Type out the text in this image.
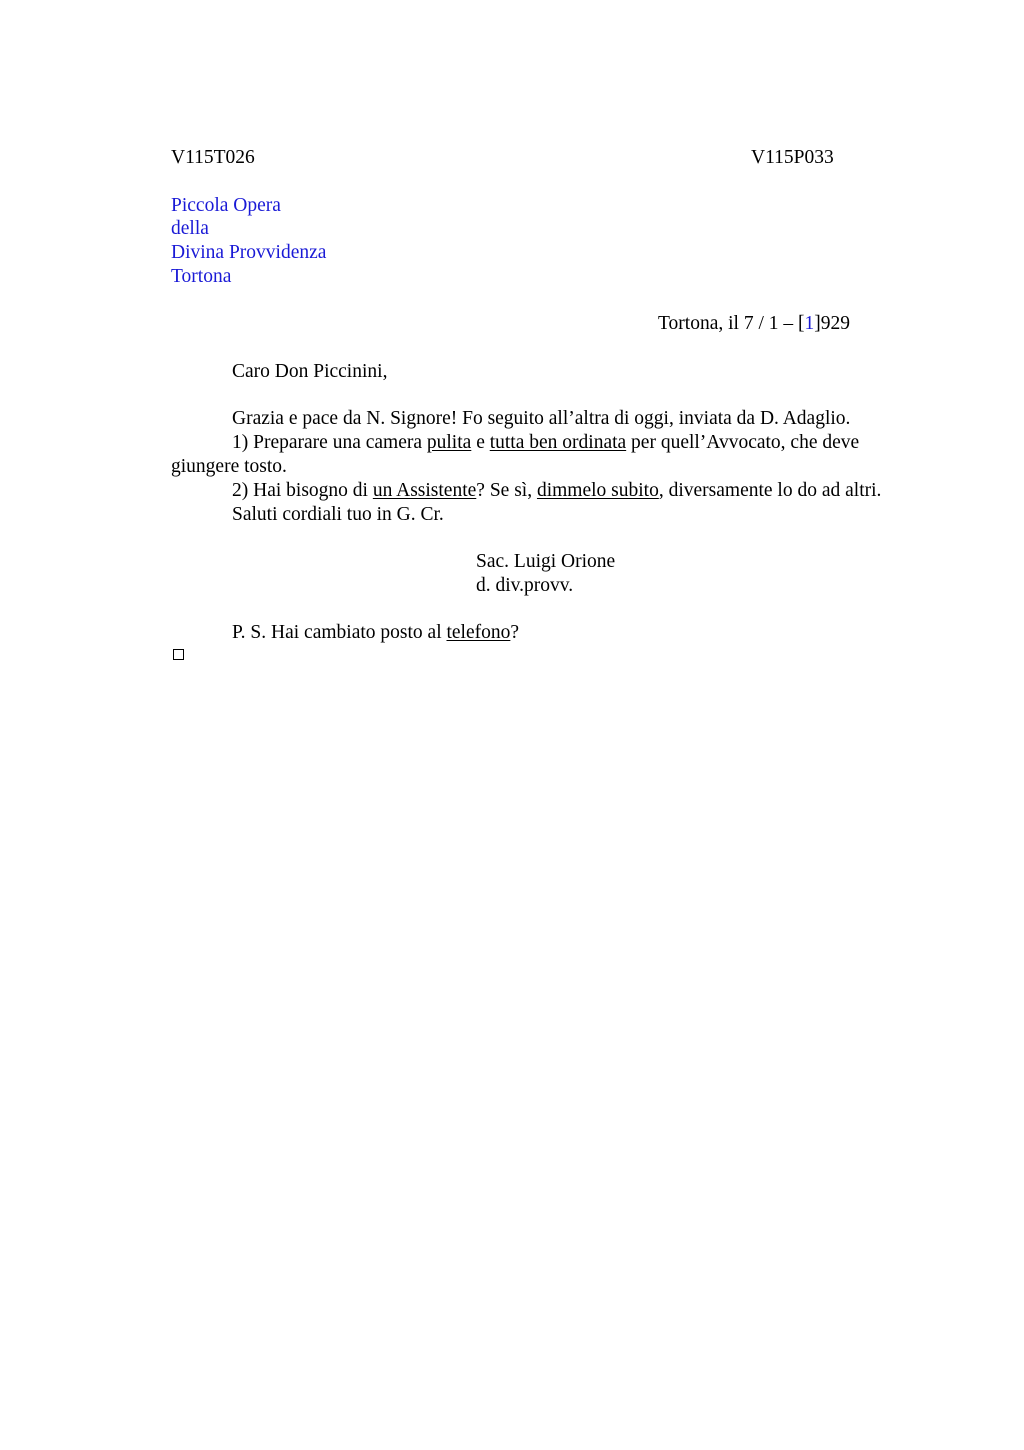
V115T026	V115P033
Piccola Opera
della
Divina Provvidenza
Tortona
Tortona, il 7 / 1 – [1]929
Caro Don Piccinini,
Grazia e pace da N. Signore! Fo seguito all’altra di oggi, inviata da D. Adaglio.
1) Preparare una camera pulita e tutta ben ordinata per quell’Avvocato, che deve
giungere tosto.
2) Hai bisogno di un Assistente? Se sì, dimmelo subito, diversamente lo do ad altri.
Saluti cordiali tuo in G. Cr.
Sac. Luigi Orione
d. div.provv.
P. S. Hai cambiato posto al telefono?
